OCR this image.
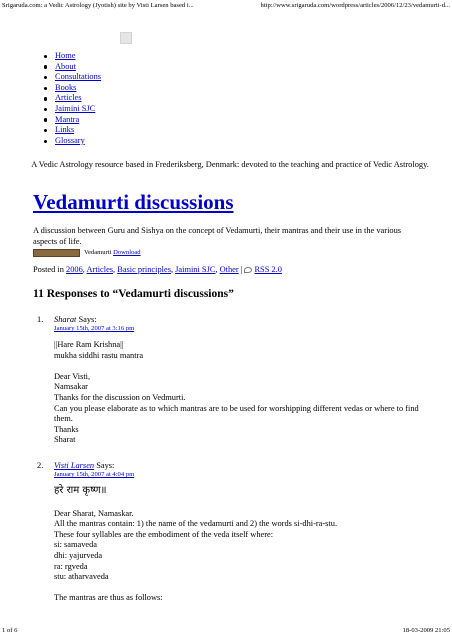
Srigaruda.com: a Vedic Astrology (Jyotish) site by Visti Larsen based i...	http://www.srigaruda.com/wordpress/articles/2006/12/23/vedamurti-d...
Home
About
Consultations
Books
Articles
Jaimini SJC
Mantra
Links
Glossary
A Vedic Astrology resource based in Frederiksberg, Denmark: devoted to the teaching and practice of Vedic Astrology.
Vedamurti discussions
A discussion between Guru and Sishya on the concept of Vedamurti, their mantras and their use in the various aspects of life.
Vedamurti
Download
Posted in 2006, Articles, Basic principles, Jaimini SJC, Other | RSS 2.0
11 Responses to “Vedamurti discussions”
1. Sharat Says:
January 15th, 2007 at 3:16 pm

||Hare Ram Krishna||

mukha siddhi rastu mantra

Dear Visti,

Namsakar

Thanks for the discussion on Vedmurti.

Can you please elaborate as to which mantras are to be used for worshipping different vedas or where to find them.

Thanks

Sharat

2. Visti Larsen Says:
January 15th, 2007 at 4:04 pm

हरे राम कृष्ण॥

Dear Sharat, Namaskar.

All the mantras contain: 1) the name of the vedamurti and 2) the words si-dhi-ra-stu.

These four syllables are the embodiment of the veda itself where:

si: samaveda

dhi: yajurveda

ra: rgveda

stu: atharvaveda

The mantras are thus as follows:

1 of 6	18-03-2009 21:05
